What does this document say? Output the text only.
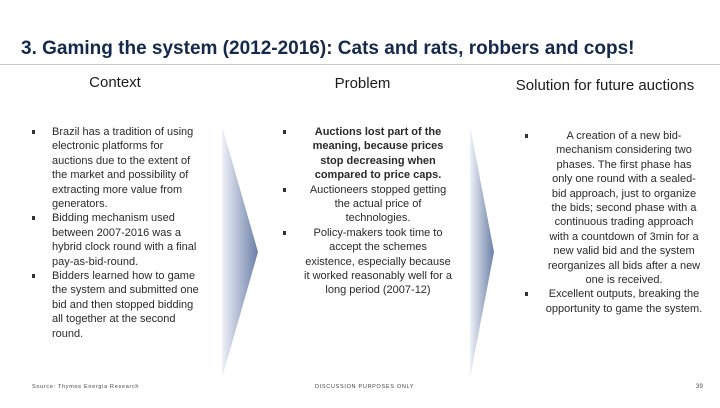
3. Gaming the system (2012-2016): Cats and rats, robbers and cops!
Context	Problem	Solution for future auctions
Brazil has a tradition of using electronic platforms for auctions due to the extent of the market and possibility of extracting more value from generators.
Bidding mechanism used between 2007-2016 was a hybrid clock round with a final pay-as-bid-round.
Bidders learned how to game the system and submitted one bid and then stopped bidding all together at the second round.
Auctions lost part of the meaning, because prices stop decreasing when compared to price caps.
Auctioneers stopped getting the actual price of technologies.
Policy-makers took time to accept the schemes existence, especially because it worked reasonably well for a long period (2007-12)
A creation of a new bid-mechanism considering two phases. The first phase has only one round with a sealed-bid approach, just to organize the bids; second phase with a continuous trading approach with a countdown of 3min for a new valid bid and the system reorganizes all bids after a new one is received.
Excellent outputs, breaking the opportunity to game the system.
Source: Thymos Energia Research	DISCUSSION PURPOSES ONLY	39
